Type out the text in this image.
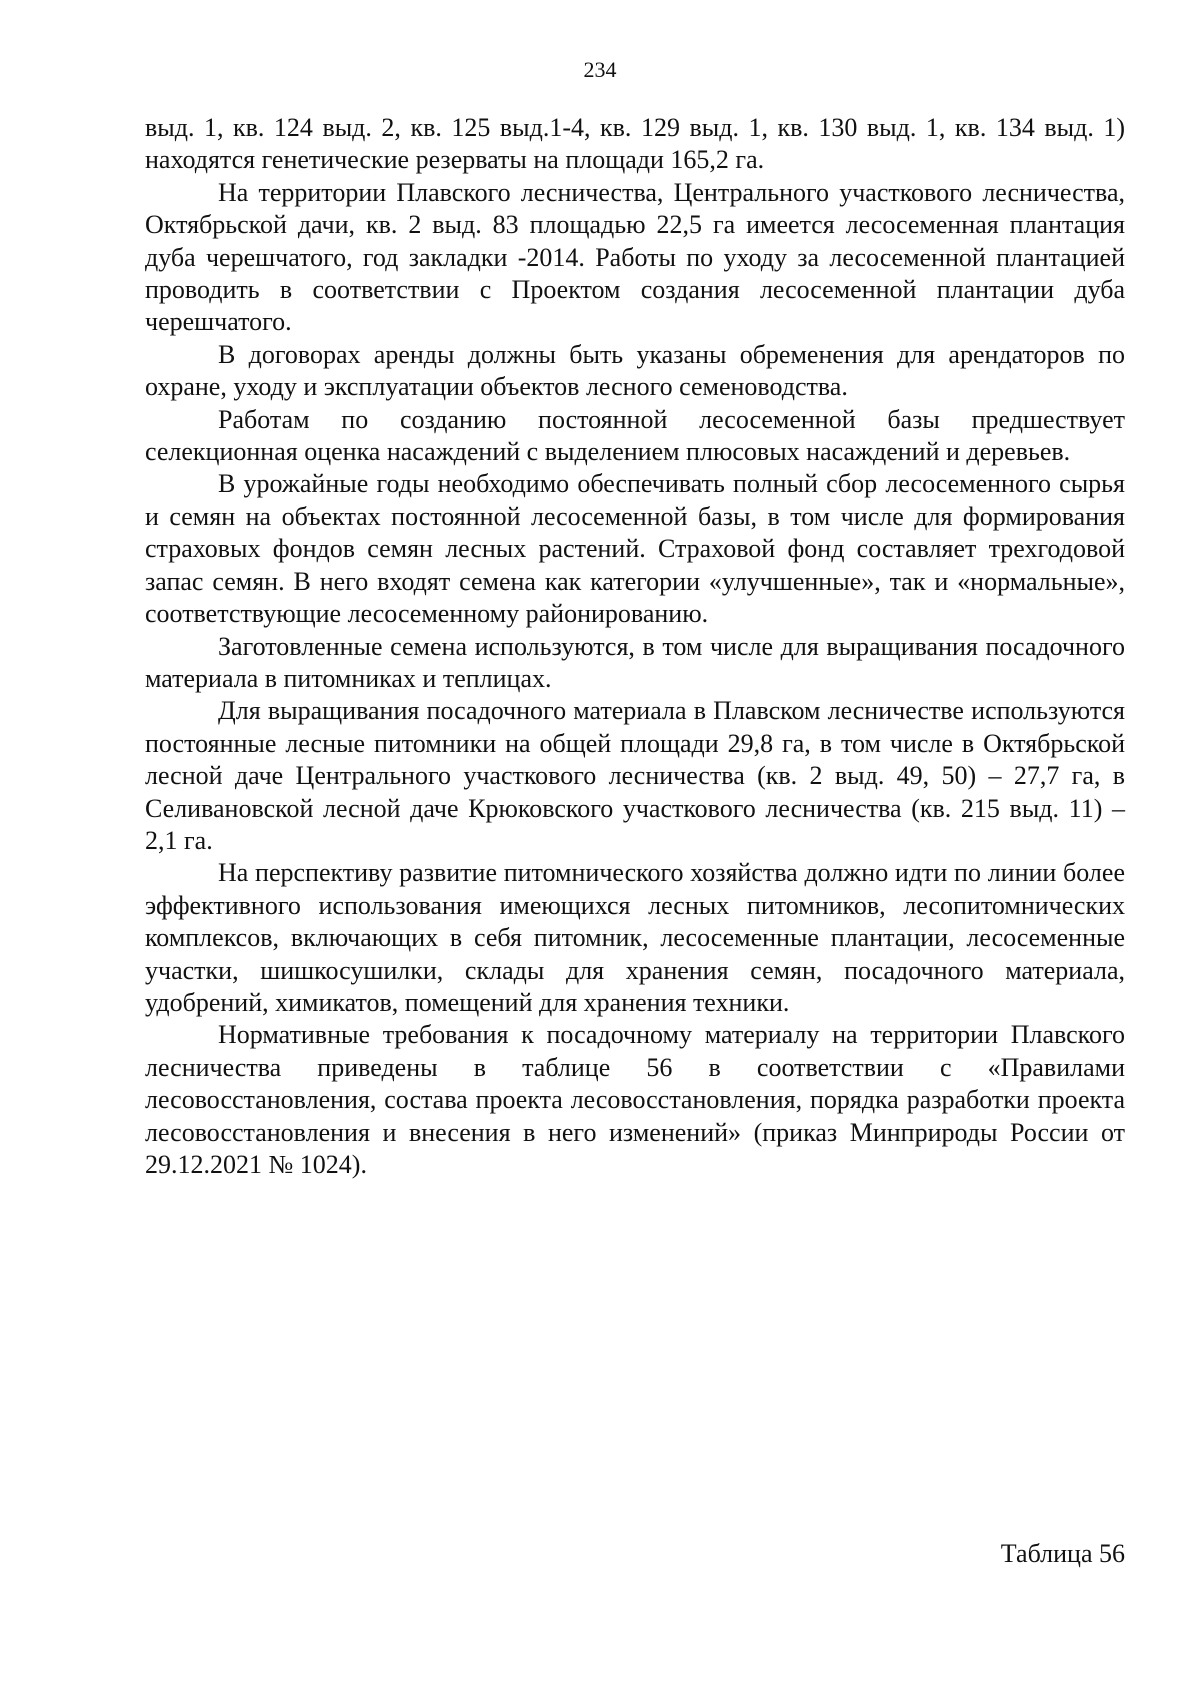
234

выд. 1, кв. 124 выд. 2, кв. 125 выд.1-4, кв. 129 выд. 1, кв. 130 выд. 1, кв. 134 выд. 1) находятся генетические резерваты на площади 165,2 га.

На территории Плавского лесничества, Центрального участкового лесничества, Октябрьской дачи, кв. 2 выд. 83 площадью 22,5 га имеется лесосеменная плантация дуба черешчатого, год закладки -2014. Работы по уходу за лесосеменной плантацией проводить в соответствии с Проектом создания лесосеменной плантации дуба черешчатого.

В договорах аренды должны быть указаны обременения для арендаторов по охране, уходу и эксплуатации объектов лесного семеноводства.

Работам по созданию постоянной лесосеменной базы предшествует селекционная оценка насаждений с выделением плюсовых насаждений и деревьев.

В урожайные годы необходимо обеспечивать полный сбор лесосеменного сырья и семян на объектах постоянной лесосеменной базы, в том числе для формирования страховых фондов семян лесных растений. Страховой фонд составляет трехгодовой запас семян. В него входят семена как категории «улучшенные», так и «нормальные», соответствующие лесосеменному районированию.

Заготовленные семена используются, в том числе для выращивания посадочного материала в питомниках и теплицах.

Для выращивания посадочного материала в Плавском лесничестве используются постоянные лесные питомники на общей площади 29,8 га, в том числе в Октябрьской лесной даче Центрального участкового лесничества (кв. 2 выд. 49, 50) – 27,7 га, в Селивановской лесной даче Крюковского участкового лесничества (кв. 215 выд. 11) – 2,1 га.

На перспективу развитие питомнического хозяйства должно идти по линии более эффективного использования имеющихся лесных питомников, лесопитомнических комплексов, включающих в себя питомник, лесосеменные плантации, лесосеменные участки, шишкосушилки, склады для хранения семян, посадочного материала, удобрений, химикатов, помещений для хранения техники.

Нормативные требования к посадочному материалу на территории Плавского лесничества приведены в таблице 56 в соответствии с «Правилами лесовосстановления, состава проекта лесовосстановления, порядка разработки проекта лесовосстановления и внесения в него изменений» (приказ Минприроды России от 29.12.2021 № 1024).

Таблица 56
